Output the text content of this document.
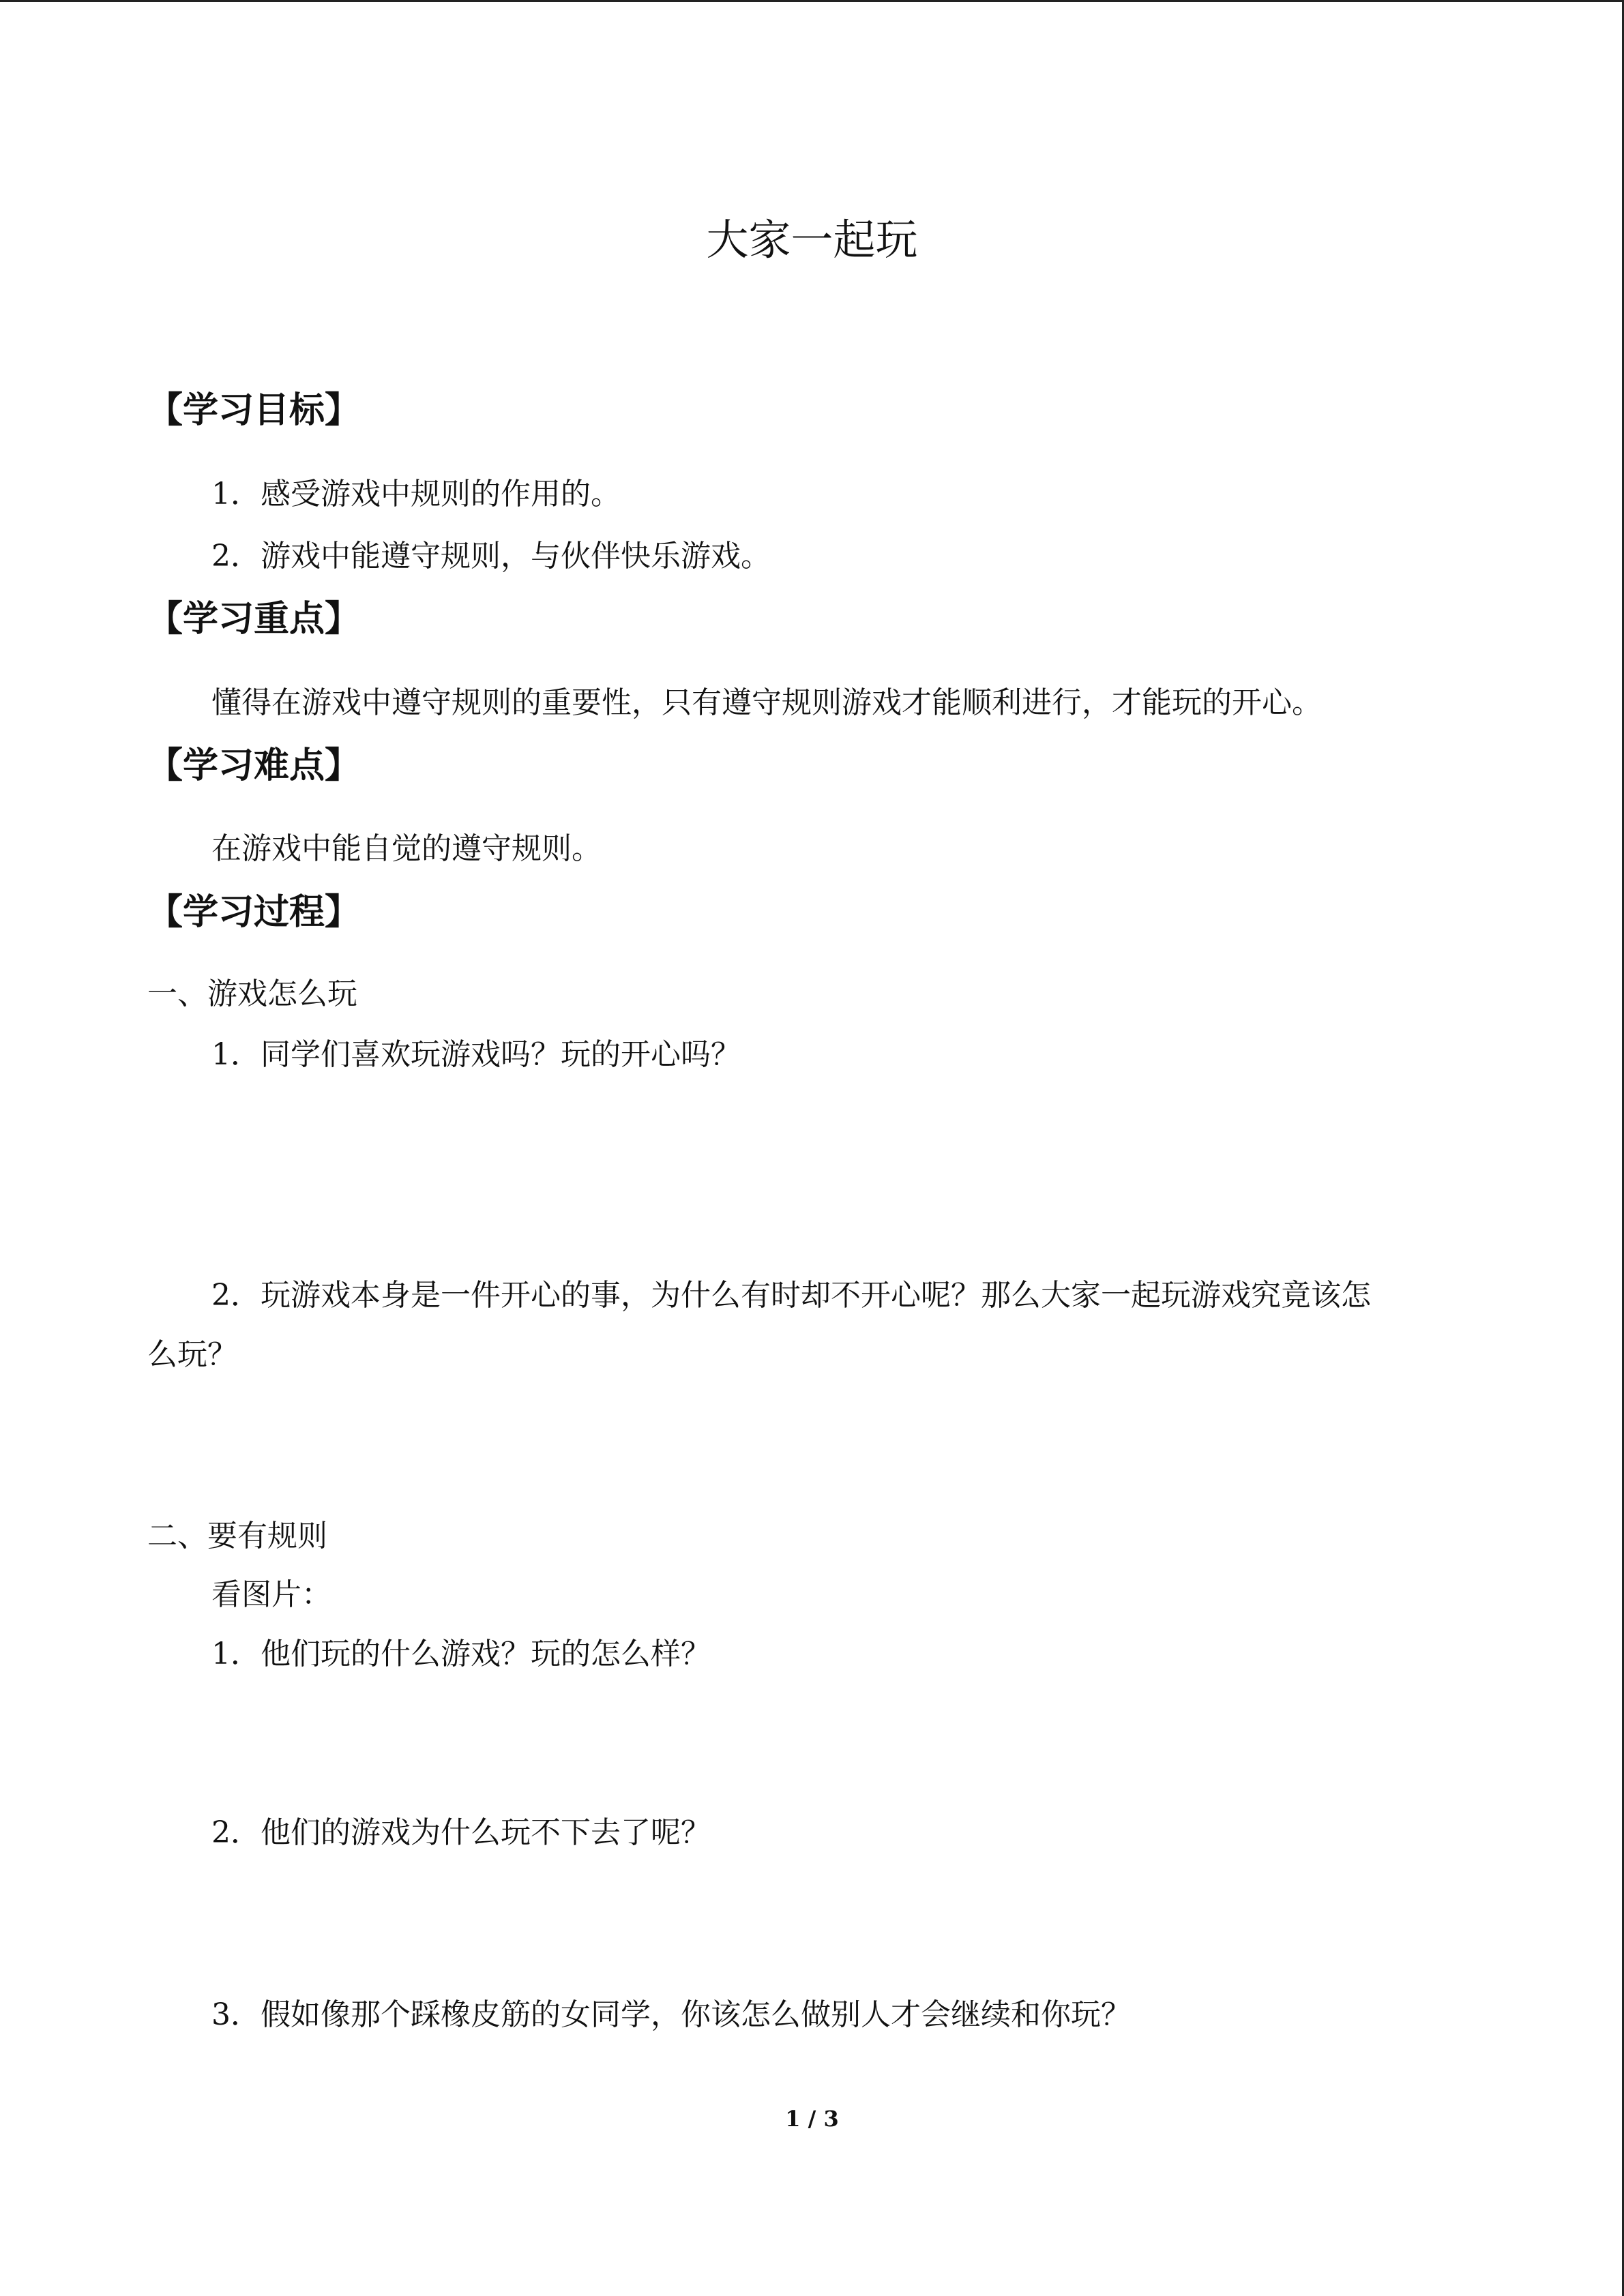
大家一起玩
【学习目标】
1．感受游戏中规则的作用的。
2．游戏中能遵守规则，与伙伴快乐游戏。
【学习重点】
懂得在游戏中遵守规则的重要性，只有遵守规则游戏才能顺利进行，才能玩的开心。
【学习难点】
在游戏中能自觉的遵守规则。
【学习过程】
一、游戏怎么玩
1．同学们喜欢玩游戏吗？玩的开心吗？
2．玩游戏本身是一件开心的事，为什么有时却不开心呢？那么大家一起玩游戏究竟该怎
么玩？
二、要有规则
看图片：
1．他们玩的什么游戏？玩的怎么样？
2．他们的游戏为什么玩不下去了呢？
3．假如像那个踩橡皮筋的女同学，你该怎么做别人才会继续和你玩？
1 / 3
